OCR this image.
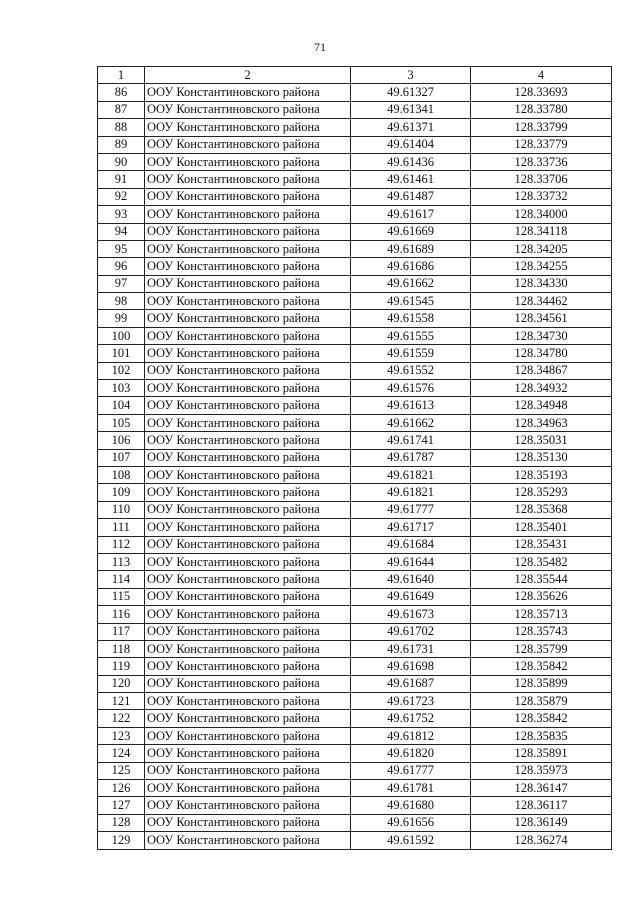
71
1	2	3	4
86	ООУ Константиновского района	49.61327	128.33693
87	ООУ Константиновского района	49.61341	128.33780
88	ООУ Константиновского района	49.61371	128.33799
89	ООУ Константиновского района	49.61404	128.33779
90	ООУ Константиновского района	49.61436	128.33736
91	ООУ Константиновского района	49.61461	128.33706
92	ООУ Константиновского района	49.61487	128.33732
93	ООУ Константиновского района	49.61617	128.34000
94	ООУ Константиновского района	49.61669	128.34118
95	ООУ Константиновского района	49.61689	128.34205
96	ООУ Константиновского района	49.61686	128.34255
97	ООУ Константиновского района	49.61662	128.34330
98	ООУ Константиновского района	49.61545	128.34462
99	ООУ Константиновского района	49.61558	128.34561
100	ООУ Константиновского района	49.61555	128.34730
101	ООУ Константиновского района	49.61559	128.34780
102	ООУ Константиновского района	49.61552	128.34867
103	ООУ Константиновского района	49.61576	128.34932
104	ООУ Константиновского района	49.61613	128.34948
105	ООУ Константиновского района	49.61662	128.34963
106	ООУ Константиновского района	49.61741	128.35031
107	ООУ Константиновского района	49.61787	128.35130
108	ООУ Константиновского района	49.61821	128.35193
109	ООУ Константиновского района	49.61821	128.35293
110	ООУ Константиновского района	49.61777	128.35368
111	ООУ Константиновского района	49.61717	128.35401
112	ООУ Константиновского района	49.61684	128.35431
113	ООУ Константиновского района	49.61644	128.35482
114	ООУ Константиновского района	49.61640	128.35544
115	ООУ Константиновского района	49.61649	128.35626
116	ООУ Константиновского района	49.61673	128.35713
117	ООУ Константиновского района	49.61702	128.35743
118	ООУ Константиновского района	49.61731	128.35799
119	ООУ Константиновского района	49.61698	128.35842
120	ООУ Константиновского района	49.61687	128.35899
121	ООУ Константиновского района	49.61723	128.35879
122	ООУ Константиновского района	49.61752	128.35842
123	ООУ Константиновского района	49.61812	128.35835
124	ООУ Константиновского района	49.61820	128.35891
125	ООУ Константиновского района	49.61777	128.35973
126	ООУ Константиновского района	49.61781	128.36147
127	ООУ Константиновского района	49.61680	128.36117
128	ООУ Константиновского района	49.61656	128.36149
129	ООУ Константиновского района	49.61592	128.36274
